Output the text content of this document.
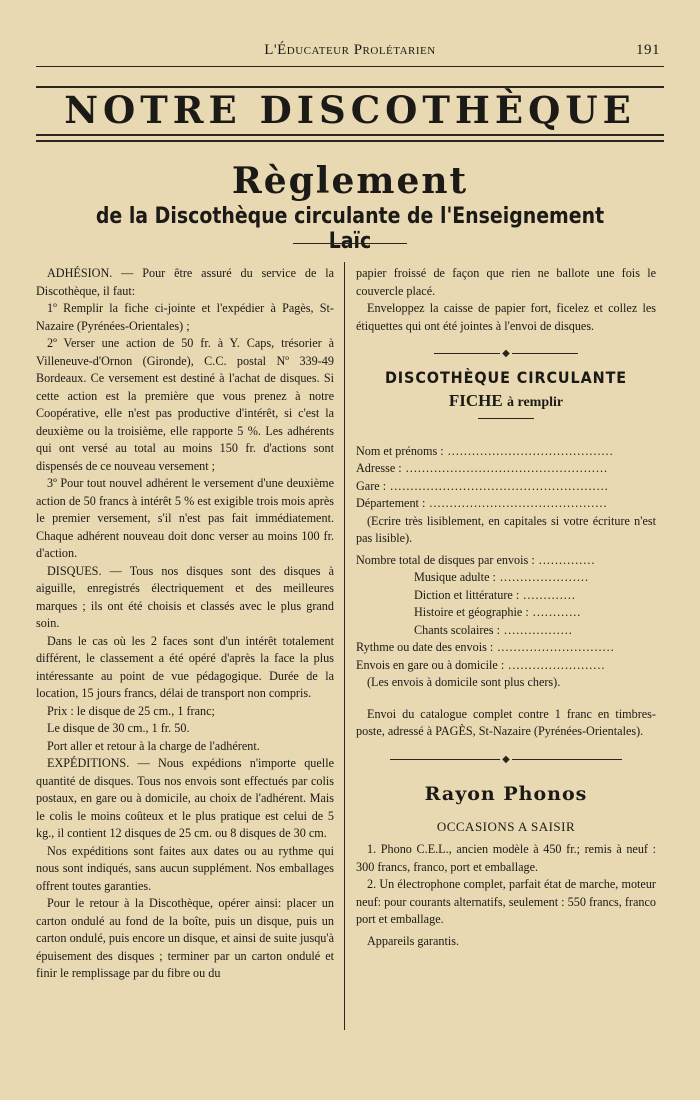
L'Éducateur Prolétarien	191
NOTRE DISCOTHÈQUE
Règlement
de la Discothèque circulante de l'Enseignement Laïc

ADHÉSION. — Pour être assuré du service de la Discothèque, il faut:

1º Remplir la fiche ci-jointe et l'expédier à Pagès, St-Nazaire (Pyrénées-Orientales) ;

2º Verser une action de 50 fr. à Y. Caps, trésorier à Villeneuve-d'Ornon (Gironde), C.C. postal Nº 339-49 Bordeaux. Ce versement est destiné à l'achat de disques. Si cette action est la première que vous prenez à notre Coopérative, elle n'est pas productive d'intérêt, si c'est la deuxième ou la troisième, elle rapporte 5 %. Les adhérents qui ont versé au total au moins 150 fr. d'actions sont dispensés de ce nouveau versement ;

3º Pour tout nouvel adhérent le versement d'une deuxième action de 50 francs à intérêt 5 % est exigible trois mois après le premier versement, s'il n'est pas fait immédiatement. Chaque adhérent nouveau doit donc verser au moins 100 fr. d'action.

DISQUES. — Tous nos disques sont des disques à aiguille, enregistrés électriquement et des meilleures marques ; ils ont été choisis et classés avec le plus grand soin.

Dans le cas où les 2 faces sont d'un intérêt totalement différent, le classement a été opéré d'après la face la plus intéressante au point de vue pédagogique. Durée de la location, 15 jours francs, délai de transport non compris.

Prix : le disque de 25 cm., 1 franc;

Le disque de 30 cm., 1 fr. 50.

Port aller et retour à la charge de l'adhérent.

EXPÉDITIONS. — Nous expédions n'importe quelle quantité de disques. Tous nos envois sont effectués par colis postaux, en gare ou à domicile, au choix de l'adhérent. Mais le colis le moins coûteux et le plus pratique est celui de 5 kg., il contient 12 disques de 25 cm. ou 8 disques de 30 cm.

Nos expéditions sont faites aux dates ou au rythme qui nous sont indiqués, sans aucun supplément. Nos emballages offrent toutes garanties.

Pour le retour à la Discothèque, opérer ainsi: placer un carton ondulé au fond de la boîte, puis un disque, puis un carton ondulé, puis encore un disque, et ainsi de suite jusqu'à épuisement des disques ; terminer par un carton ondulé et finir le remplissage par du fibre ou du

papier froissé de façon que rien ne ballote une fois le couvercle placé.

Enveloppez la caisse de papier fort, ficelez et collez les étiquettes qui ont été jointes à l'envoi de disques.

◆
DISCOTHÈQUE CIRCULANTE
FICHE à remplir
Nom et prénoms : .........................................
Adresse : ..................................................
Gare : ......................................................
Département : ............................................

(Ecrire très lisiblement, en capitales si votre écriture n'est pas lisible).

Nombre total de disques par envois : ..............
Musique adulte : ......................
Diction et littérature : .............
Histoire et géographie : ............
Chants scolaires : .................
Rythme ou date des envois : .............................
Envois en gare ou à domicile : ........................

(Les envois à domicile sont plus chers).

Envoi du catalogue complet contre 1 franc en timbres-poste, adressé à PAGÈS, St-Nazaire (Pyrénées-Orientales).

◆
Rayon Phonos
OCCASIONS A SAISIR

1. Phono C.E.L., ancien modèle à 450 fr.; remis à neuf : 300 francs, franco, port et emballage.

2. Un électrophone complet, parfait état de marche, moteur neuf: pour courants alternatifs, seulement : 550 francs, franco port et emballage.

Appareils garantis.
